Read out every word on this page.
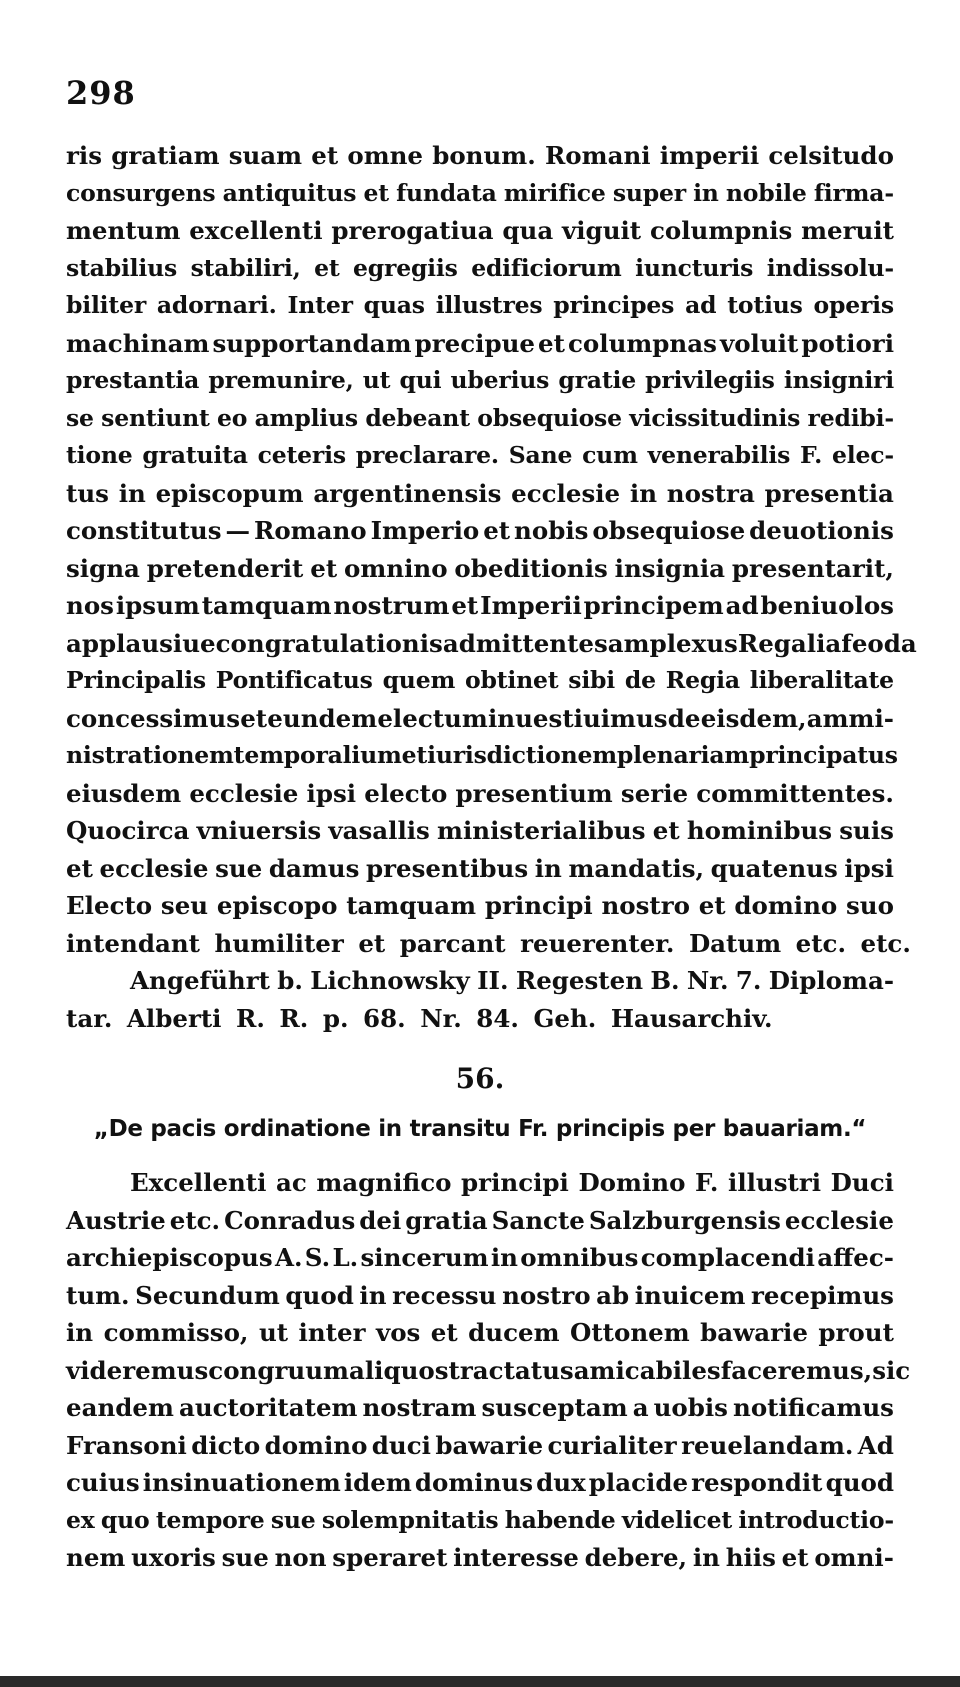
298
ris gratiam suam et omne bonum. Romani imperii celsitudo
consurgens antiquitus et fundata mirifice super in nobile firma-
mentum excellenti prerogatiua qua viguit columpnis meruit
stabilius stabiliri, et egregiis edificiorum iuncturis indissolu-
biliter adornari. Inter quas illustres principes ad totius operis
machinam supportandam precipue et columpnas voluit potiori
prestantia premunire, ut qui uberius gratie privilegiis insigniri
se sentiunt eo amplius debeant obsequiose vicissitudinis redibi-
tione gratuita ceteris preclarare. Sane cum venerabilis F. elec-
tus in episcopum argentinensis ecclesie in nostra presentia
constitutus — Romano Imperio et nobis obsequiose deuotionis
signa pretenderit et omnino obeditionis insignia presentarit,
nos ipsum tamquam nostrum et Imperii principem ad beniuolos
applausiue congratulationis admittentes amplexus Regalia feoda
Principalis Pontificatus quem obtinet sibi de Regia liberalitate
concessimus et eundem electum inuestiuimus de eisdem, ammi-
nistrationem temporalium et iurisdictionem plenariam principatus
eiusdem ecclesie ipsi electo presentium serie committentes.
Quocirca vniuersis vasallis ministerialibus et hominibus suis
et ecclesie sue damus presentibus in mandatis, quatenus ipsi
Electo seu episcopo tamquam principi nostro et domino suo
intendant humiliter et parcant reuerenter. Datum etc. etc.
Angeführt b. Lichnowsky II. Regesten B. Nr. 7. Diploma-
tar. Alberti R. R. p. 68. Nr. 84. Geh. Hausarchiv.
56.
„De pacis ordinatione in transitu Fr. principis per bauariam.“
Excellenti ac magnifico principi Domino F. illustri Duci
Austrie etc. Conradus dei gratia Sancte Salzburgensis ecclesie
archiepiscopus A. S. L. sincerum in omnibus complacendi affec-
tum. Secundum quod in recessu nostro ab inuicem recepimus
in commisso, ut inter vos et ducem Ottonem bawarie prout
videremus congruum aliquos tractatus amicabiles faceremus, sic
eandem auctoritatem nostram susceptam a uobis notificamus
Fransoni dicto domino duci bawarie curialiter reuelandam. Ad
cuius insinuationem idem dominus dux placide respondit quod
ex quo tempore sue solempnitatis habende videlicet introductio-
nem uxoris sue non speraret interesse debere, in hiis et omni-
